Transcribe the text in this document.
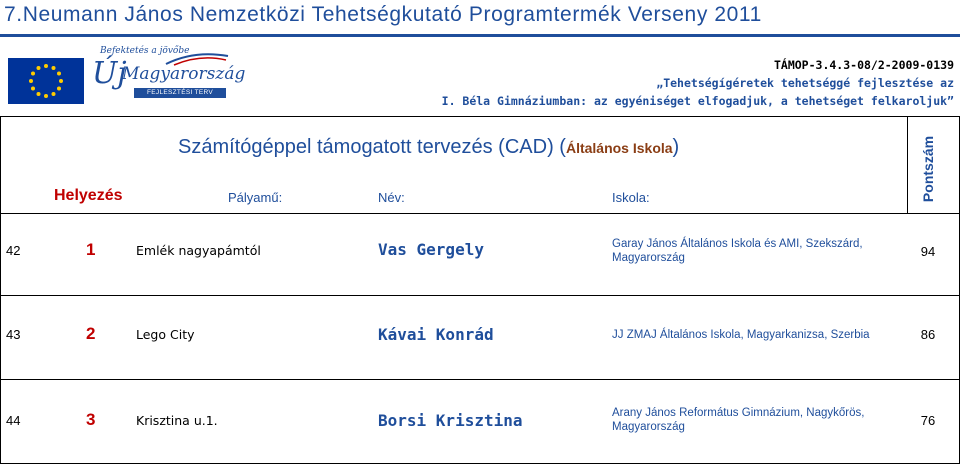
7.Neumann János Nemzetközi Tehetségkutató Programtermék Verseny 2011
Befektetés a jövőbe
Új
Magyarország
FEJLESZTÉSI TERV
TÁMOP-3.4.3-08/2-2009-0139
„Tehetségígéretek tehetséggé fejlesztése az
I. Béla Gimnáziumban: az egyéniséget elfogadjuk, a tehetséget felkaroljuk”
Számítógéppel támogatott tervezés (CAD) (Általános Iskola)
Helyezés	Pályamű:	Név:	Iskola:	Pontszám
42	1	Emlék nagyapámtól	Vas Gergely	Garay János Általános Iskola és AMI, Szekszárd, Magyarország	94
43	2	Lego City	Kávai Konrád	JJ ZMAJ Általános Iskola, Magyarkanizsa, Szerbia	86
44	3	Krisztina u.1.	Borsi Krisztina	Arany János Református Gimnázium, Nagykőrös, Magyarország	76
